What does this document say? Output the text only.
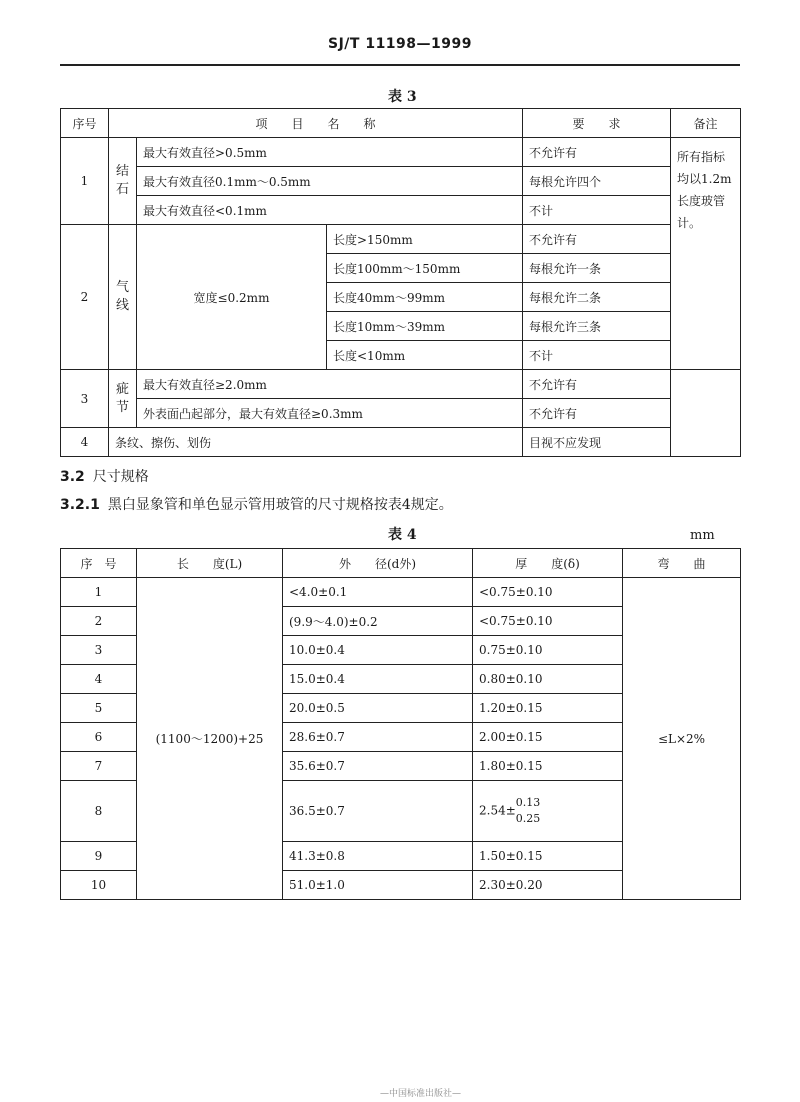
SJ/T 11198—1999
表 3
序号	项　　目　　名　　称			要　　求	备注
1	结石	最大有效直径>0.5mm		不允许有	所有指标均以1.2m长度玻管计。
		最大有效直径0.1mm～0.5mm		每根允许四个	
		最大有效直径<0.1mm		不计	
2	气线	宽度≤0.2mm	长度>150mm	不允许有	
			长度100mm～150mm	每根允许一条	
			长度40mm～99mm	每根允许二条	
			长度10mm～39mm	每根允许三条	
			长度<10mm	不计	
3	疵节	最大有效直径≥2.0mm		不允许有	
		外表面凸起部分，最大有效直径≥0.3mm		不允许有	
4	条纹、擦伤、划伤			目视不应发现	
3.2 尺寸规格
3.2.1 黑白显象管和单色显示管用玻管的尺寸规格按表4规定。
表 4	mm
序　号	长　　度(L)	外　　径(d外)	厚　　度(δ)	弯　　曲
1	(1100～1200)+25	<4.0±0.1	<0.75±0.10	≤L×2%
2		(9.9～4.0)±0.2	<0.75±0.10	
3		10.0±0.4	0.75±0.10	
4		15.0±0.4	0.80±0.10	
5		20.0±0.5	1.20±0.15	
6		28.6±0.7	2.00±0.15	
7		35.6±0.7	1.80±0.15	
8		36.5±0.7	2.54±
0.13
0.25	

9		41.3±0.8	1.50±0.15	
10		51.0±1.0	2.30±0.20	
—中国标准出版社—
